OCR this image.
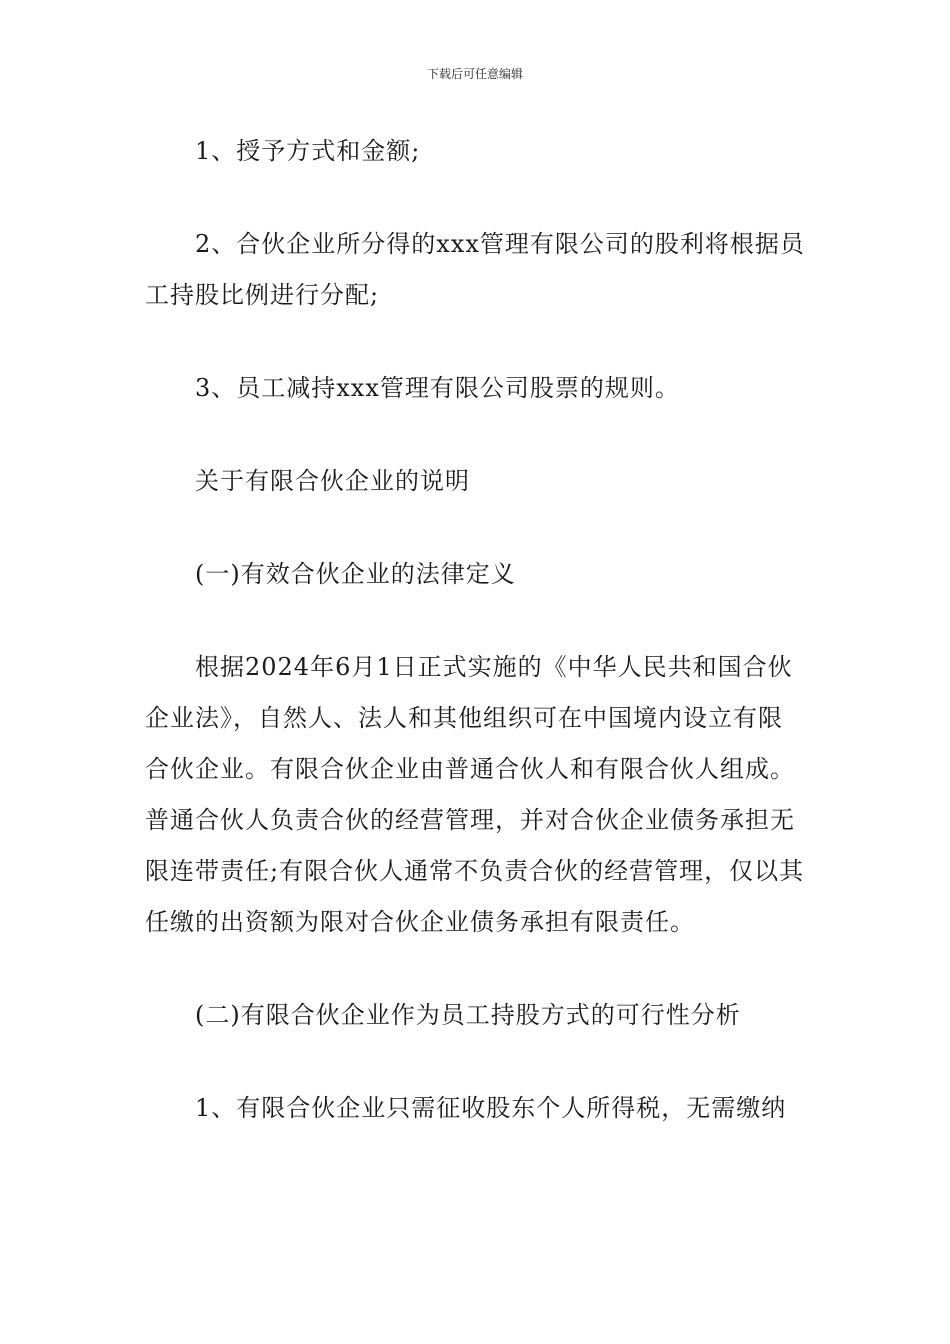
下载后可任意编辑

1、授予方式和金额;

2、合伙企业所分得的xxx管理有限公司的股利将根据员工持股比例进行分配;

3、员工减持xxx管理有限公司股票的规则。

关于有限合伙企业的说明

(一)有效合伙企业的法律定义

根据2024年6月1日正式实施的《中华人民共和国合伙企业法》，自然人、法人和其他组织可在中国境内设立有限合伙企业。有限合伙企业由普通合伙人和有限合伙人组成。普通合伙人负责合伙的经营管理，并对合伙企业债务承担无限连带责任;有限合伙人通常不负责合伙的经营管理，仅以其任缴的出资额为限对合伙企业债务承担有限责任。

(二)有限合伙企业作为员工持股方式的可行性分析

1、有限合伙企业只需征收股东个人所得税，无需缴纳
